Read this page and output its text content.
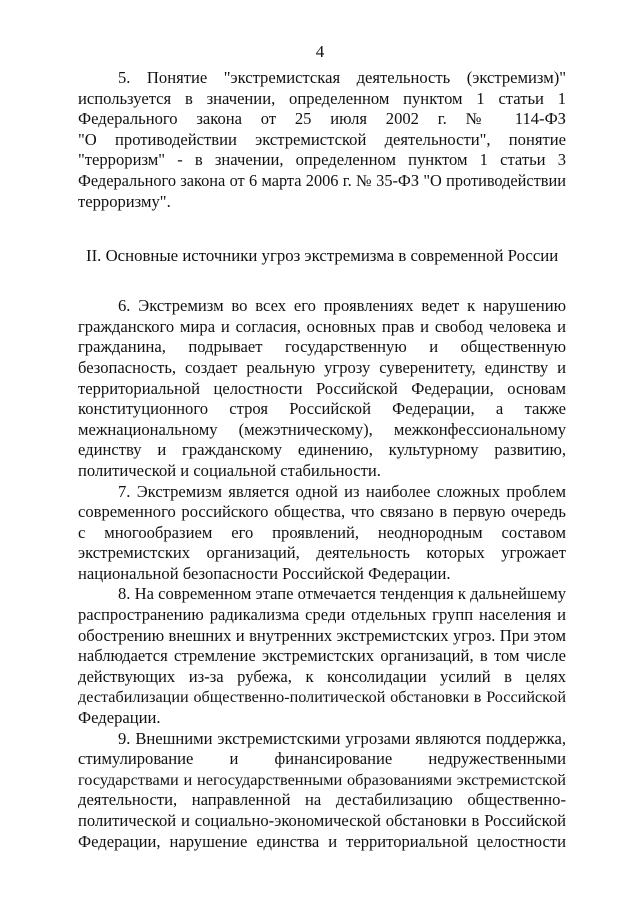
4
5. Понятие "экстремистская деятельность (экстремизм)"
используется в значении, определенном пунктом 1 статьи 1
Федерального закона от 25 июля 2002 г. № 114-ФЗ
"О противодействии экстремистской деятельности", понятие
"терроризм" - в значении, определенном пунктом 1 статьи 3
Федерального закона от 6 марта 2006 г. № 35-ФЗ "О противодействии
терроризму".
II. Основные источники угроз экстремизма в современной России
6. Экстремизм во всех его проявлениях ведет к нарушению
гражданского мира и согласия, основных прав и свобод человека и
гражданина, подрывает государственную и общественную
безопасность, создает реальную угрозу суверенитету, единству и
территориальной целостности Российской Федерации, основам
конституционного строя Российской Федерации, а также
межнациональному (межэтническому), межконфессиональному
единству и гражданскому единению, культурному развитию,
политической и социальной стабильности.
7. Экстремизм является одной из наиболее сложных проблем
современного российского общества, что связано в первую очередь
с многообразием его проявлений, неоднородным составом
экстремистских организаций, деятельность которых угрожает
национальной безопасности Российской Федерации.
8. На современном этапе отмечается тенденция к дальнейшему
распространению радикализма среди отдельных групп населения и
обострению внешних и внутренних экстремистских угроз. При этом
наблюдается стремление экстремистских организаций, в том числе
действующих из-за рубежа, к консолидации усилий в целях
дестабилизации общественно-политической обстановки в Российской
Федерации.
9. Внешними экстремистскими угрозами являются поддержка,
стимулирование и финансирование недружественными
государствами и негосударственными образованиями экстремистской
деятельности, направленной на дестабилизацию общественно-
политической и социально-экономической обстановки в Российской
Федерации, нарушение единства и территориальной целостности
